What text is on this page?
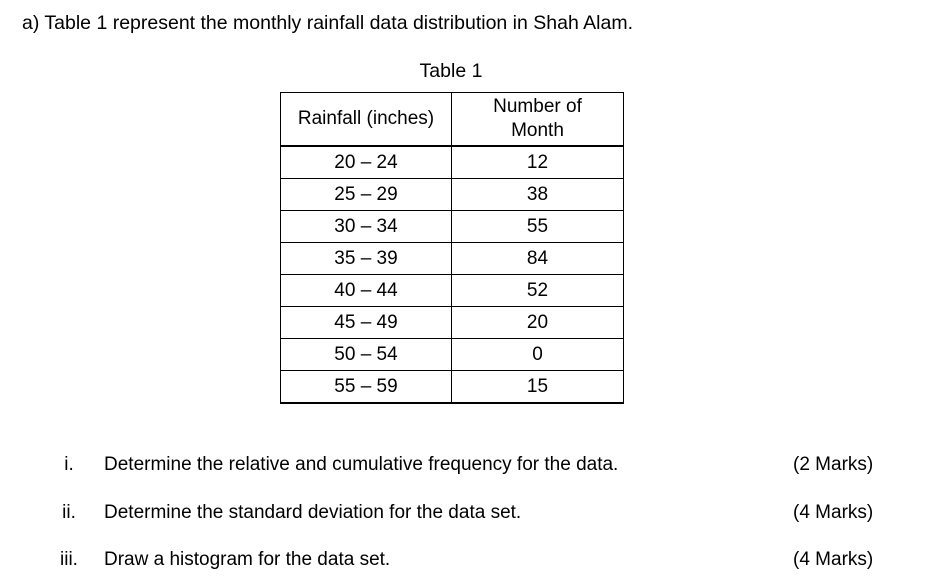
a) Table 1 represent the monthly rainfall data distribution in Shah Alam.
Table 1
Rainfall (inches)	Number of
Month

20 – 24	12
25 – 29	38
30 – 34	55
35 – 39	84
40 – 44	52
45 – 49	20
50 – 54	0
55 – 59	15
i.	Determine the relative and cumulative frequency for the data.	(2 Marks)
ii.	Determine the standard deviation for the data set.	(4 Marks)
iii.	Draw a histogram for the data set.	(4 Marks)
